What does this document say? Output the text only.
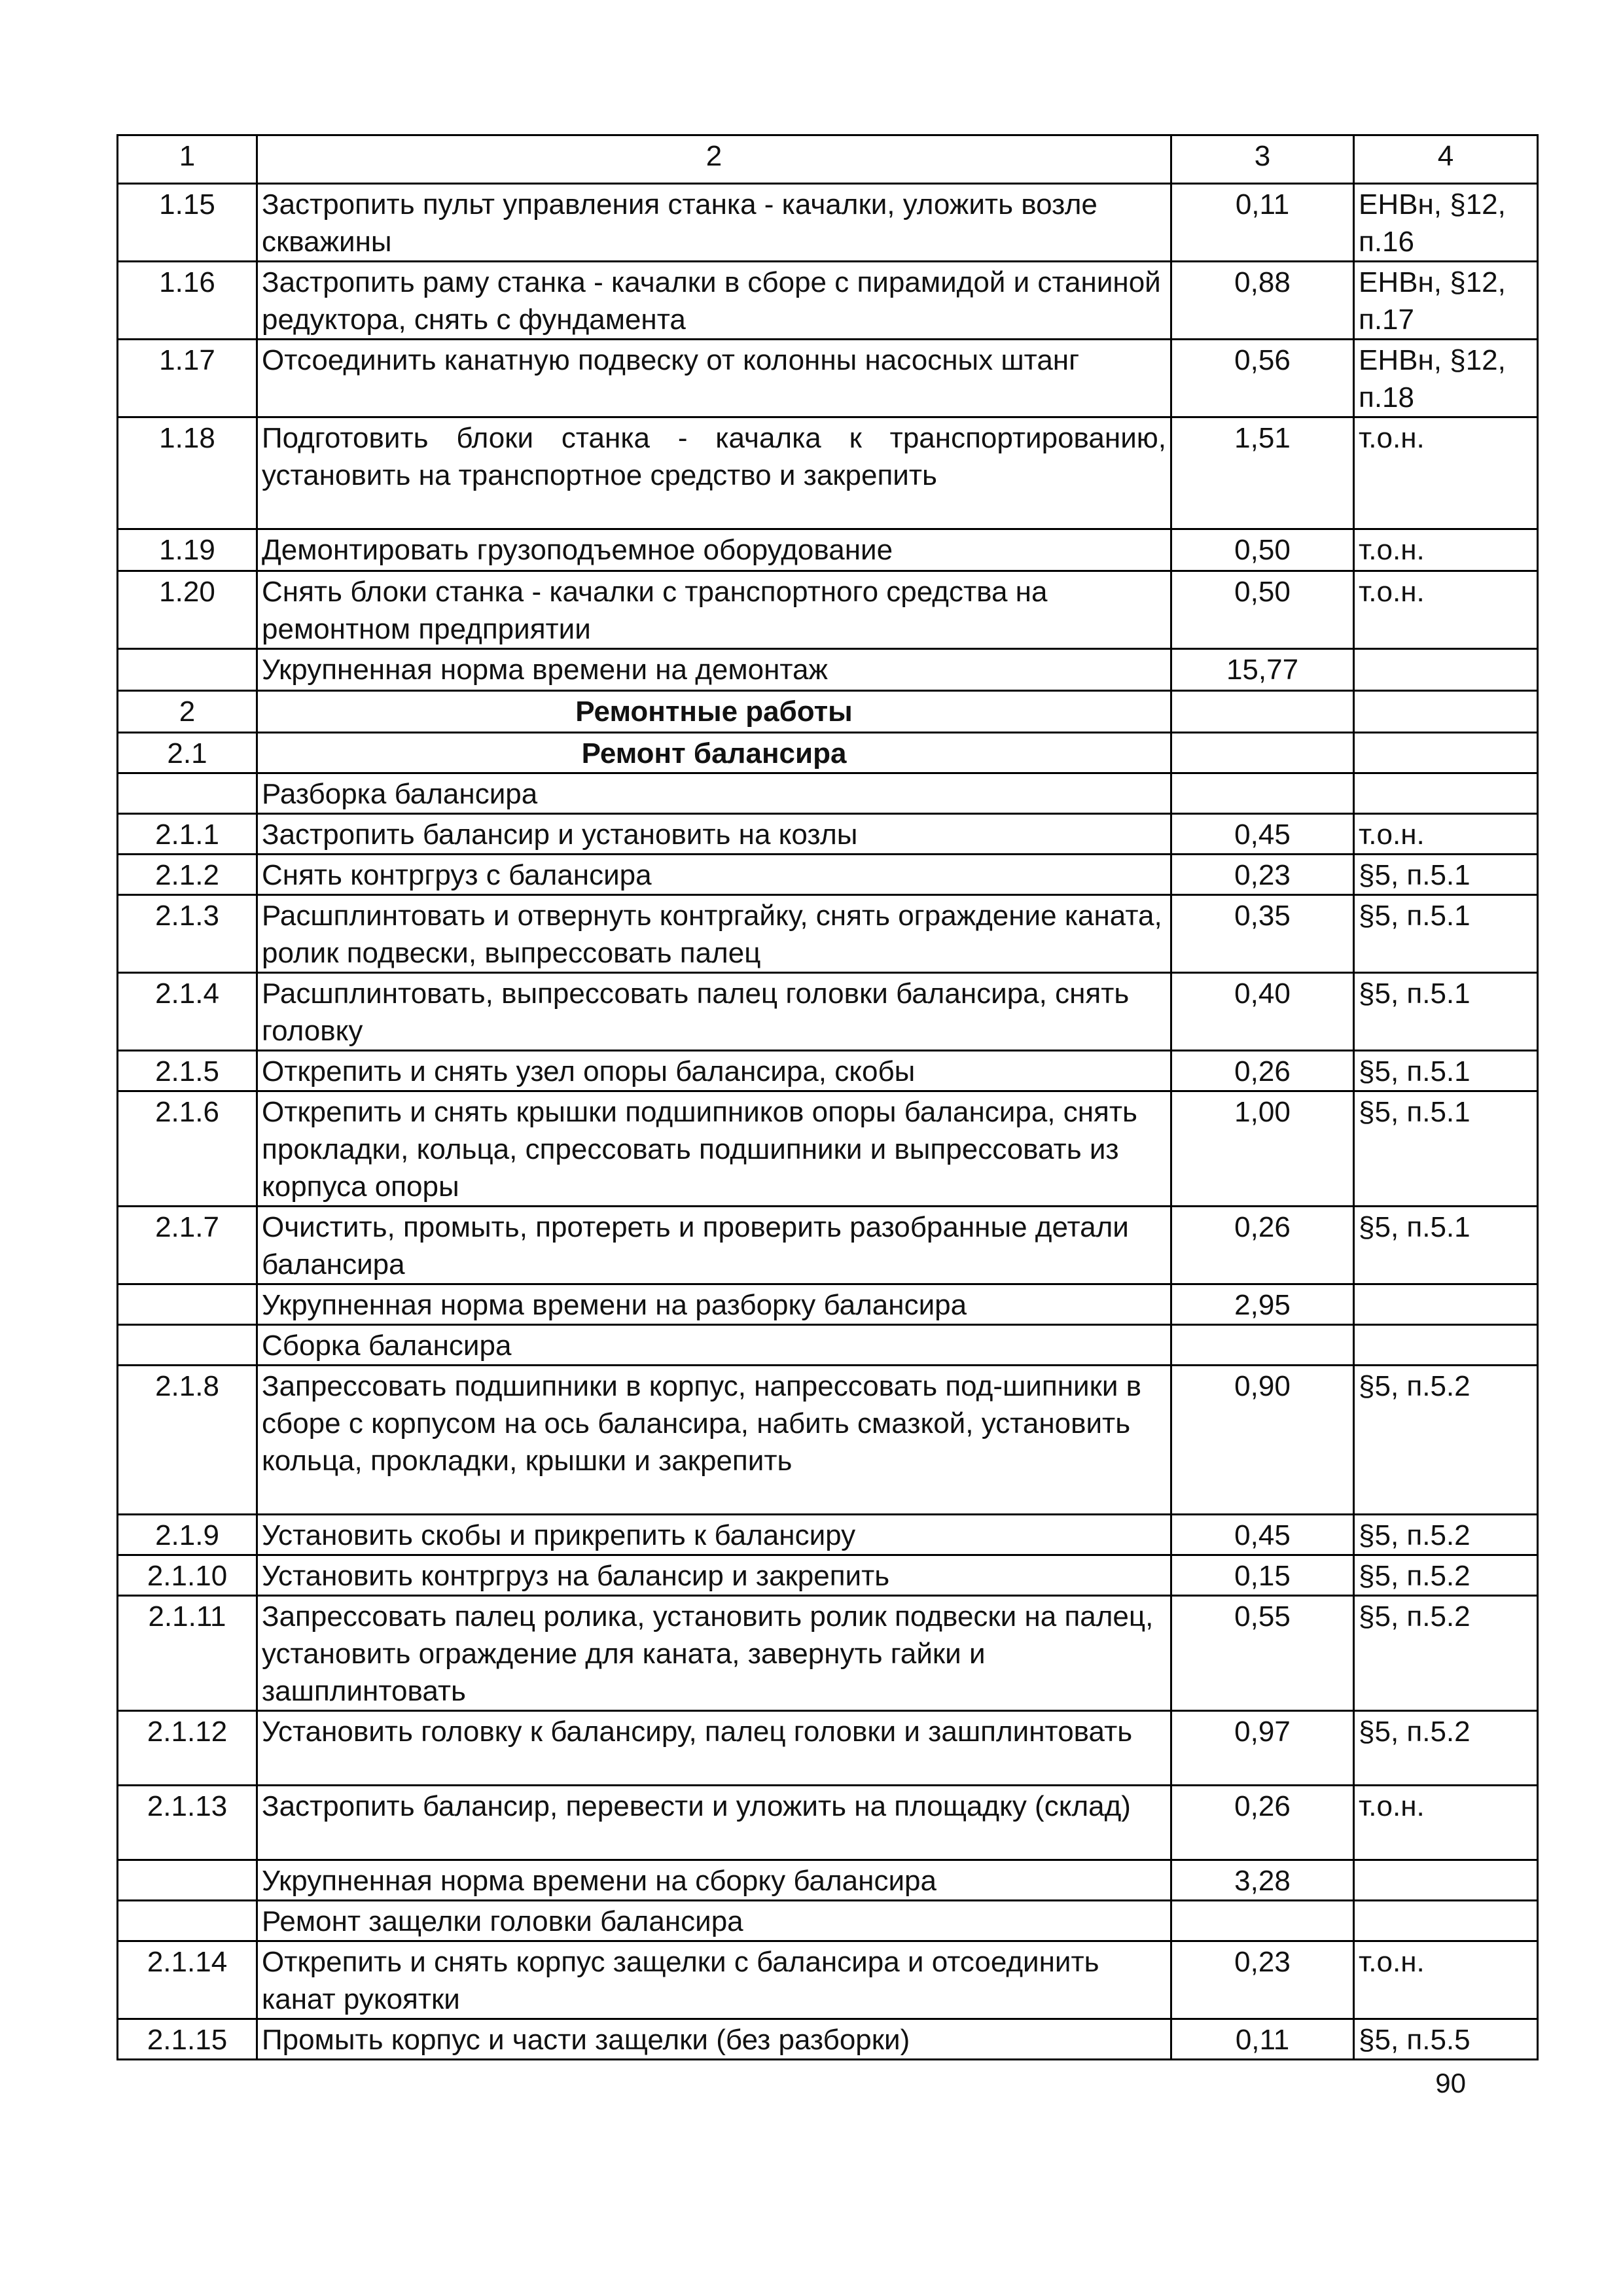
1	2	3	4
1.15	Застропить пульт управления станка - качалки, уложить возле скважины	0,11	ЕНВн, §12, п.16
1.16	Застропить раму станка - качалки в сборе с пирамидой и станиной редуктора, снять с фундамента	0,88	ЕНВн, §12, п.17
1.17	Отсоединить канатную подвеску от колонны насосных штанг	0,56	ЕНВн, §12, п.18
1.18	Подготовить блоки станка - качалка к транспортированию, установить на транспортное средство и закрепить	1,51	т.о.н.
1.19	Демонтировать грузоподъемное оборудование	0,50	т.о.н.
1.20	Снять блоки станка - качалки с транспортного средства на ремонтном предприятии	0,50	т.о.н.
	Укрупненная норма времени на демонтаж	15,77	
2	Ремонтные работы		
2.1	Ремонт балансира		
	Разборка балансира		
2.1.1	Застропить балансир и установить на козлы	0,45	т.о.н.
2.1.2	Снять контргруз с балансира	0,23	§5, п.5.1
2.1.3	Расшплинтовать и отвернуть контргайку, снять ограждение каната, ролик подвески, выпрессовать палец	0,35	§5, п.5.1
2.1.4	Расшплинтовать, выпрессовать палец головки балансира, снять головку	0,40	§5, п.5.1
2.1.5	Открепить и снять узел опоры балансира, скобы	0,26	§5, п.5.1
2.1.6	Открепить и снять крышки подшипников опоры балансира, снять прокладки, кольца, спрессовать подшипники и выпрессовать из корпуса опоры	1,00	§5, п.5.1
2.1.7	Очистить, промыть, протереть и проверить разобранные детали балансира	0,26	§5, п.5.1
	Укрупненная норма времени на разборку балансира	2,95	
	Сборка балансира		
2.1.8	Запрессовать подшипники в корпус, напрессовать под-шипники в сборе с корпусом на ось балансира, набить смазкой, установить кольца, прокладки, крышки и закрепить	0,90	§5, п.5.2
2.1.9	Установить скобы и прикрепить к балансиру	0,45	§5, п.5.2
2.1.10	Установить контргруз на балансир и закрепить	0,15	§5, п.5.2
2.1.11	Запрессовать палец ролика, установить ролик подвески на палец, установить ограждение для каната, завернуть гайки и зашплинтовать	0,55	§5, п.5.2
2.1.12	Установить головку к балансиру, палец головки и зашплинтовать	0,97	§5, п.5.2
2.1.13	Застропить балансир, перевести и уложить на площадку (склад)	0,26	т.о.н.
	Укрупненная норма времени на сборку балансира	3,28	
	Ремонт защелки головки балансира		
2.1.14	Открепить и снять корпус защелки с балансира и отсоединить канат рукоятки	0,23	т.о.н.
2.1.15	Промыть корпус и части защелки (без разборки)	0,11	§5, п.5.5
90
